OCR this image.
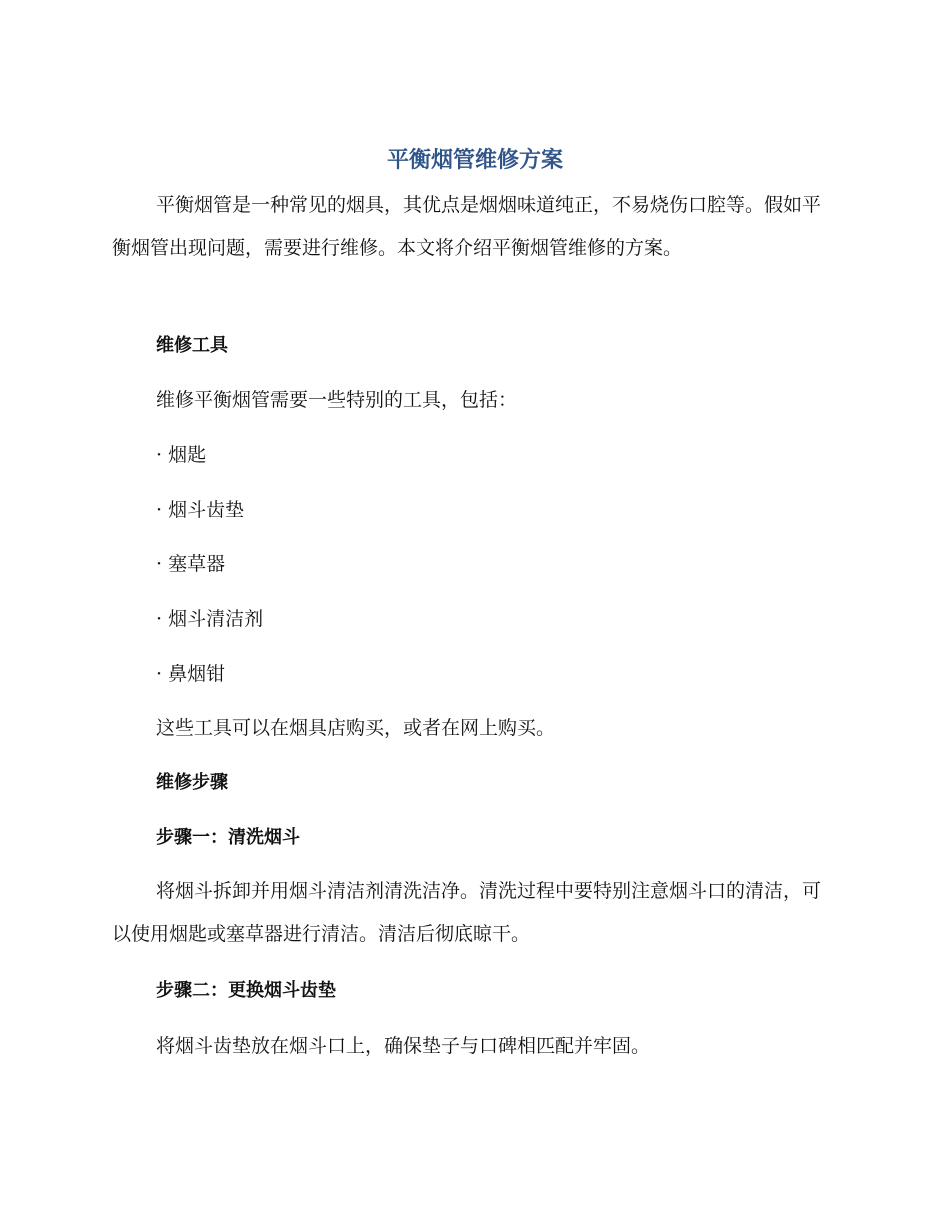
平衡烟管维修方案

平衡烟管是一种常见的烟具，其优点是烟烟味道纯正，不易烧伤口腔等。假如平衡烟管出现问题，需要进行维修。本文将介绍平衡烟管维修的方案。

维修工具

维修平衡烟管需要一些特别的工具，包括：

· 烟匙

· 烟斗齿垫

· 塞草器

· 烟斗清洁剂

· 鼻烟钳

这些工具可以在烟具店购买，或者在网上购买。

维修步骤

步骤一：清洗烟斗

将烟斗拆卸并用烟斗清洁剂清洗洁净。清洗过程中要特别注意烟斗口的清洁，可以使用烟匙或塞草器进行清洁。清洁后彻底晾干。

步骤二：更换烟斗齿垫

将烟斗齿垫放在烟斗口上，确保垫子与口碑相匹配并牢固。
